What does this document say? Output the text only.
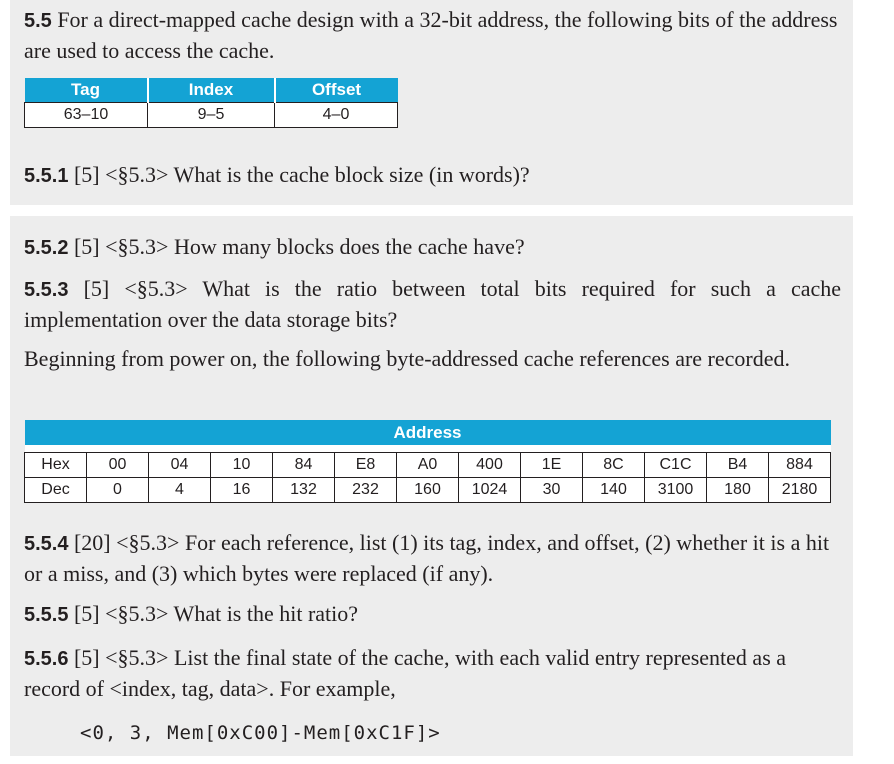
5.5 For a direct-mapped cache design with a 32-bit address, the following bits of the address are used to access the cache.
Tag	Index	Offset
63–10	9–5	4–0
5.5.1 [5] <§5.3> What is the cache block size (in words)?
5.5.2 [5] <§5.3> How many blocks does the cache have?
5.5.3 [5] <§5.3> What is the ratio between total bits required for such a cache implementation over the data storage bits?
Beginning from power on, the following byte-addressed cache references are recorded.
Address												

Hex	00	04	10	84	E8	A0	400	1E	8C	C1C	B4	884
Dec	0	4	16	132	232	160	1024	30	140	3100	180	2180
5.5.4 [20] <§5.3> For each reference, list (1) its tag, index, and offset, (2) whether it is a hit or a miss, and (3) which bytes were replaced (if any).
5.5.5 [5] <§5.3> What is the hit ratio?
5.5.6 [5] <§5.3> List the final state of the cache, with each valid entry represented as a record of <index, tag, data>. For example,
<0, 3, Mem[0xC00]-Mem[0xC1F]>
